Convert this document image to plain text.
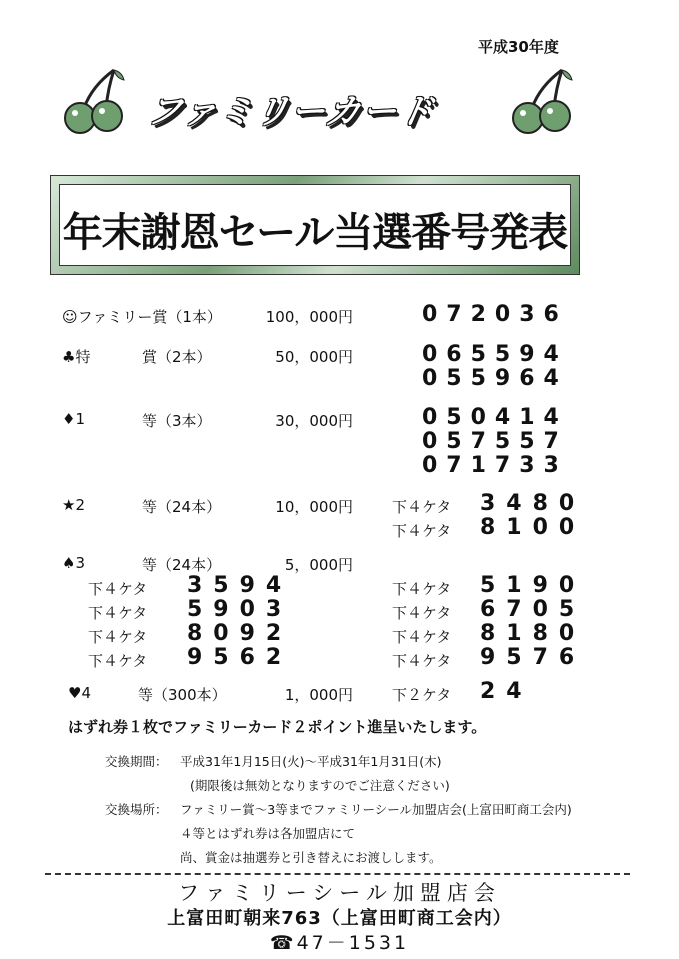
平成30年度
ファミリーカード
年末謝恩セール当選番号発表
☺ファミリー賞（1本）	100，000円	072036
♣特	賞（2本）	50，000円	065594
055964
♦1	等（3本）	30，000円	050414
057557
071733
★2	等（24本）	10，000円	下４ケタ 3480
下４ケタ 8100
♠3	等（24本）	5，000円
下４ケタ 3594
下４ケタ 5903
下４ケタ 8092
下４ケタ 9562
下４ケタ 5190
下４ケタ 6705
下４ケタ 8180
下４ケタ 9576
♥4	等（300本）	1，000円	下２ケタ 24
はずれ券１枚でファミリーカード２ポイント進呈いたします。
交換期間： 平成31年1月15日(火)～平成31年1月31日(木)
(期限後は無効となりますのでご注意ください)
交換場所： ファミリー賞～3等までファミリーシール加盟店会(上富田町商工会内)
４等とはずれ券は各加盟店にて
尚、賞金は抽選券と引き替えにお渡しします。
ファミリーシール加盟店会
上富田町朝来763（上富田町商工会内）
☎47－1531
